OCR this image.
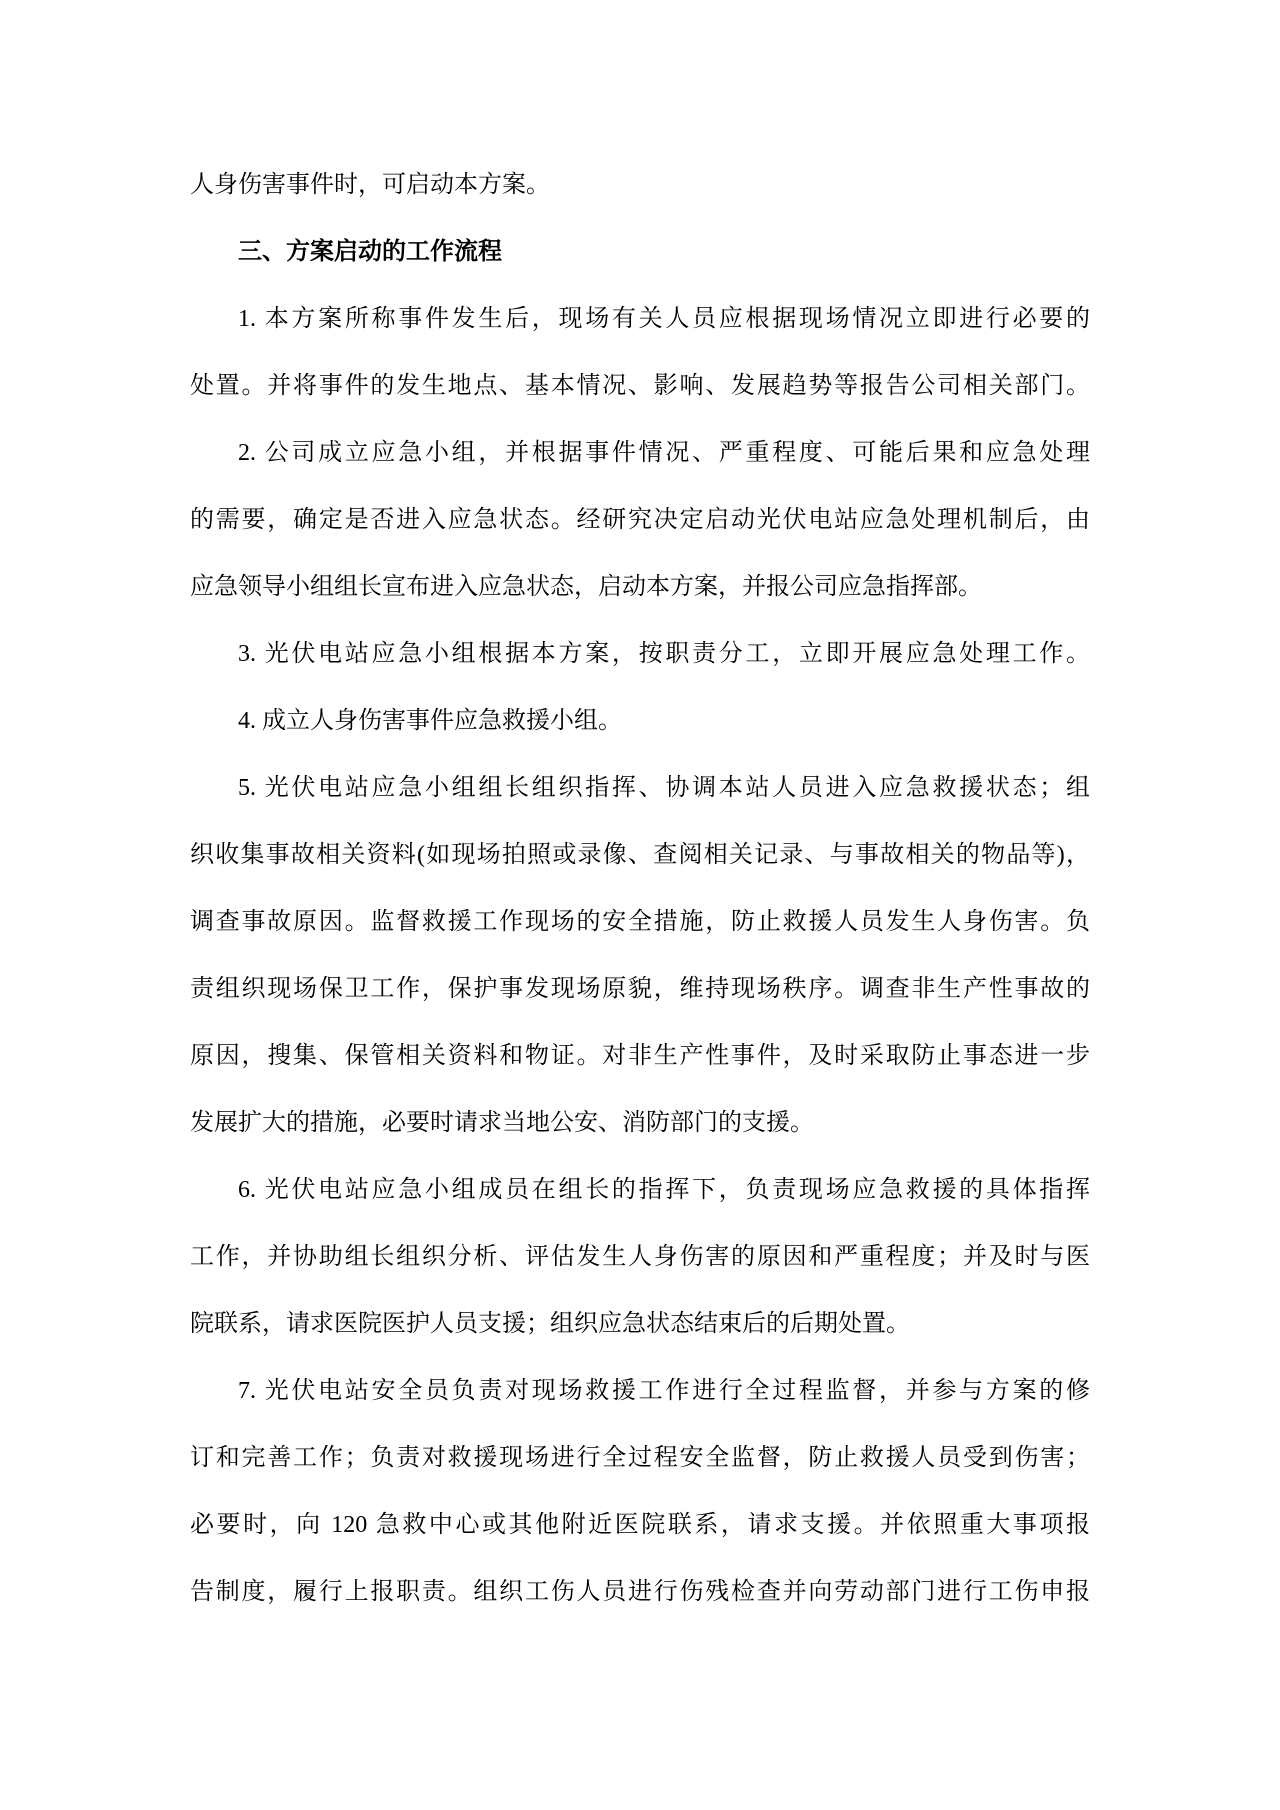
人身伤害事件时，可启动本方案。
三、方案启动的工作流程
1. 本方案所称事件发生后，现场有关人员应根据现场情况立即进行必要的
处置。并将事件的发生地点、基本情况、影响、发展趋势等报告公司相关部门。
2. 公司成立应急小组，并根据事件情况、严重程度、可能后果和应急处理
的需要，确定是否进入应急状态。经研究决定启动光伏电站应急处理机制后，由
应急领导小组组长宣布进入应急状态，启动本方案，并报公司应急指挥部。
3. 光伏电站应急小组根据本方案，按职责分工，立即开展应急处理工作。
4. 成立人身伤害事件应急救援小组。
5. 光伏电站应急小组组长组织指挥、协调本站人员进入应急救援状态；组
织收集事故相关资料(如现场拍照或录像、查阅相关记录、与事故相关的物品等)，
调查事故原因。监督救援工作现场的安全措施，防止救援人员发生人身伤害。负
责组织现场保卫工作，保护事发现场原貌，维持现场秩序。调查非生产性事故的
原因，搜集、保管相关资料和物证。对非生产性事件，及时采取防止事态进一步
发展扩大的措施，必要时请求当地公安、消防部门的支援。
6. 光伏电站应急小组成员在组长的指挥下，负责现场应急救援的具体指挥
工作，并协助组长组织分析、评估发生人身伤害的原因和严重程度；并及时与医
院联系，请求医院医护人员支援；组织应急状态结束后的后期处置。
7. 光伏电站安全员负责对现场救援工作进行全过程监督，并参与方案的修
订和完善工作；负责对救援现场进行全过程安全监督，防止救援人员受到伤害；
必要时，向 120 急救中心或其他附近医院联系，请求支援。并依照重大事项报
告制度，履行上报职责。组织工伤人员进行伤残检查并向劳动部门进行工伤申报
